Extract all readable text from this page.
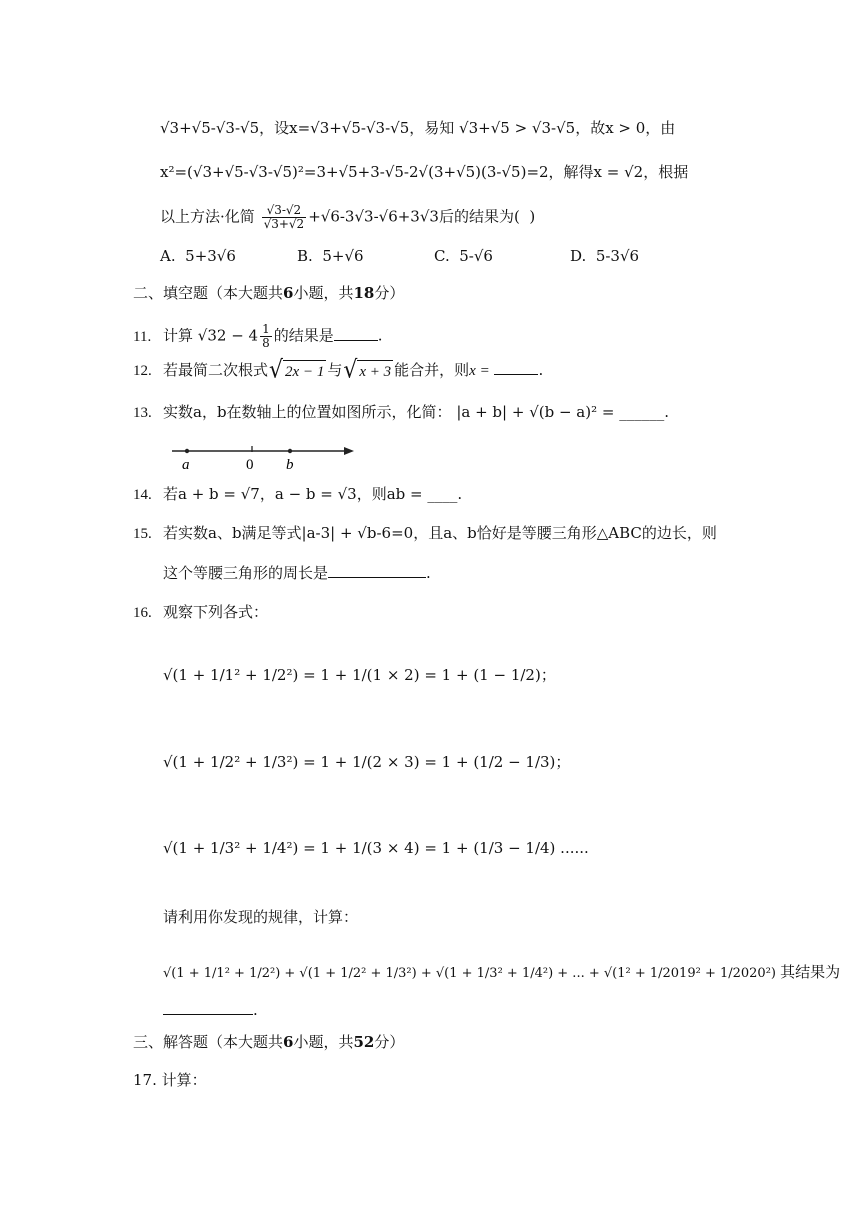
√3+√5-√3-√5，设x=√3+√5-√3-√5，易知 √3+√5 > √3-√5，故x > 0，由
x²=(√3+√5-√3-√5)²=3+√5+3-√5-2√(3+√5)(3-√5)=2，解得x = √2，根据
以上方法·化简 $\frac{√3-√2}{√3+√2} +√6-3√3-√6+3√3$后的结果为( )
A. 5+3√6	B. 5+√6	C. 5-√6	D. 5-3√6
二、填空题（本大题共6小题，共18分）
11. 计算 $√32 - 4 \frac{1}{8}$ 的结果是	.
12. 若最简二次根式 √ 2x − 1 与 √ x + 3 能合并，则x =	.
13. 实数a，b在数轴上的位置如图所示，化简： |a + b| + √(b − a)² = ______.
a	0 b
14. 若a + b = √7，a − b = √3，则ab = ____.
15. 若实数a、b满足等式|a-3| + √b-6=0，且a、b恰好是等腰三角形△ABC的边长，则
这个等腰三角形的周长是	.
16. 观察下列各式：
√(1 + 1/1² + 1/2²) = 1 + 1/(1 × 2) = 1 + (1 − 1/2)；
√(1 + 1/2² + 1/3²) = 1 + 1/(2 × 3) = 1 + (1/2 − 1/3)；
√(1 + 1/3² + 1/4²) = 1 + 1/(3 × 4) = 1 + (1/3 − 1/4) ......
请利用你发现的规律，计算：
√(1 + 1/1² + 1/2²) + √(1 + 1/2² + 1/3²) + √(1 + 1/3² + 1/4²) + ... + √(1² + 1/2019² + 1/2020²) 其结果为
.
三、解答题（本大题共6小题，共52分）
17. 计算：
